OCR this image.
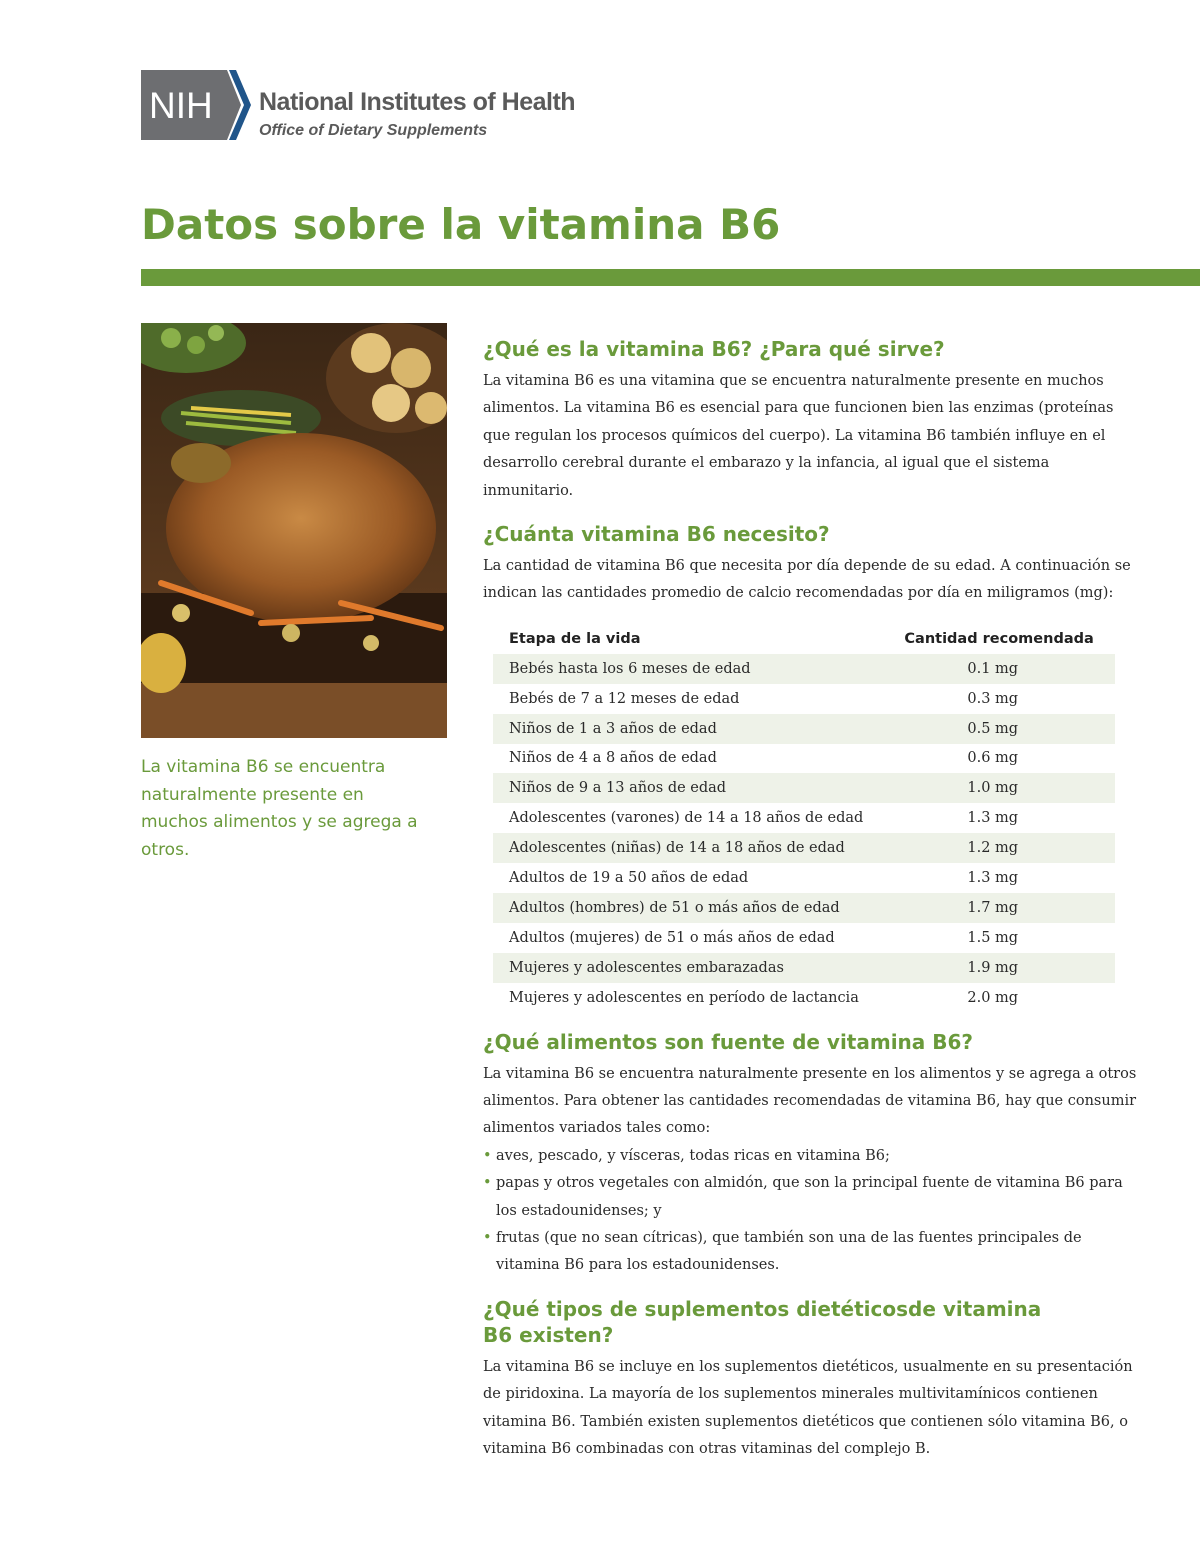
NIH National Institutes of Health
Office of Dietary Supplements
Datos sobre la vitamina B6
La vitamina B6 se encuentra naturalmente presente en muchos alimentos y se agrega a otros.
¿Qué es la vitamina B6? ¿Para qué sirve?

La vitamina B6 es una vitamina que se encuentra naturalmente presente en muchos alimentos. La vitamina B6 es esencial para que funcionen bien las enzimas (proteínas que regulan los procesos químicos del cuerpo). La vitamina B6 también influye en el desarrollo cerebral durante el embarazo y la infancia, al igual que el sistema inmunitario.

¿Cuánta vitamina B6 necesito?

La cantidad de vitamina B6 que necesita por día depende de su edad. A continuación se indican las cantidades promedio de calcio recomendadas por día en miligramos (mg):

Etapa de la vida	Cantidad recomendada
Bebés hasta los 6 meses de edad	0.1 mg
Bebés de 7 a 12 meses de edad	0.3 mg
Niños de 1 a 3 años de edad	0.5 mg
Niños de 4 a 8 años de edad	0.6 mg
Niños de 9 a 13 años de edad	1.0 mg
Adolescentes (varones) de 14 a 18 años de edad	1.3 mg
Adolescentes (niñas) de 14 a 18 años de edad	1.2 mg
Adultos de 19 a 50 años de edad	1.3 mg
Adultos (hombres) de 51 o más años de edad	1.7 mg
Adultos (mujeres) de 51 o más años de edad	1.5 mg
Mujeres y adolescentes embarazadas	1.9 mg
Mujeres y adolescentes en período de lactancia	2.0 mg
¿Qué alimentos son fuente de vitamina B6?

La vitamina B6 se encuentra naturalmente presente en los alimentos y se agrega a otros alimentos. Para obtener las cantidades recomendadas de vitamina B6, hay que consumir alimentos variados tales como:

• aves, pescado, y vísceras, todas ricas en vitamina B6;
• papas y otros vegetales con almidón, que son la principal fuente de vitamina B6 para los estadounidenses; y
• frutas (que no sean cítricas), que también son una de las fuentes principales de vitamina B6 para los estadounidenses.
¿Qué tipos de suplementos dietéticosde vitamina B6 existen?

La vitamina B6 se incluye en los suplementos dietéticos, usualmente en su presentación de piridoxina. La mayoría de los suplementos minerales multivitamínicos contienen vitamina B6. También existen suplementos dietéticos que contienen sólo vitamina B6, o vitamina B6 combinadas con otras vitaminas del complejo B.
